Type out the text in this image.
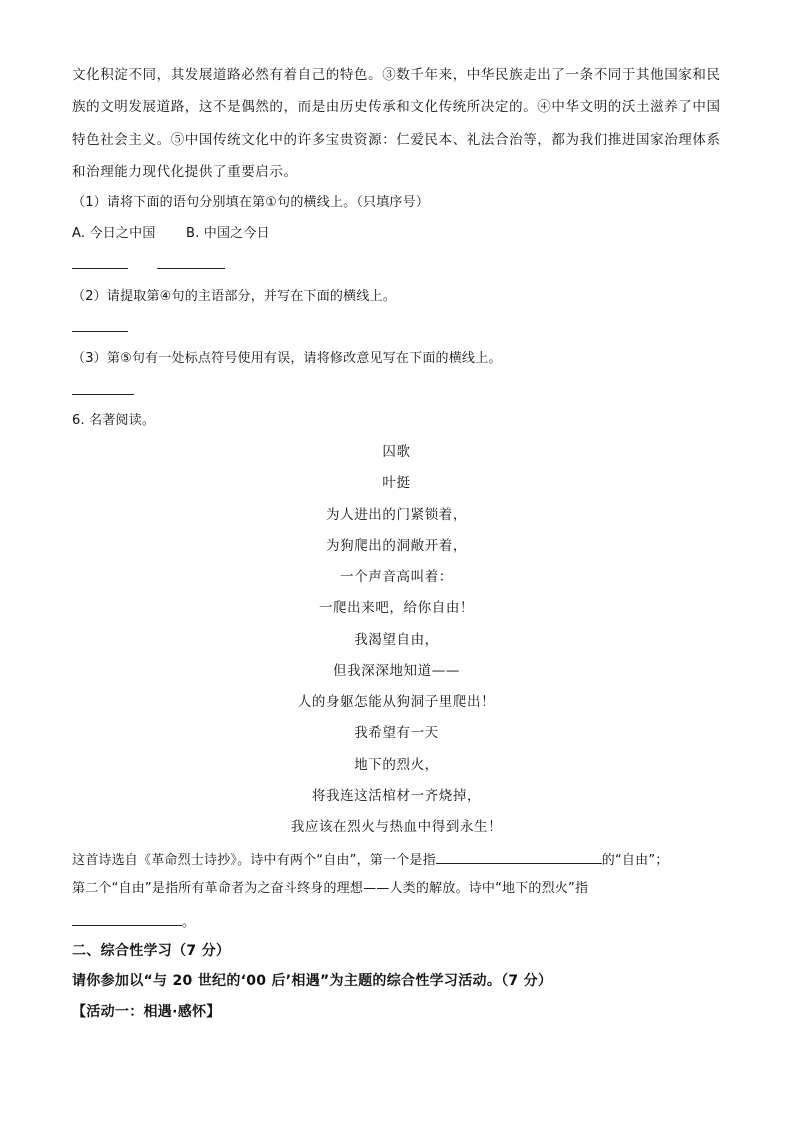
文化积淀不同，其发展道路必然有着自己的特色。③数千年来，中华民族走出了一条不同于其他国家和民
族的文明发展道路，这不是偶然的，而是由历史传承和文化传统所决定的。④中华文明的沃土滋养了中国
特色社会主义。⑤中国传统文化中的许多宝贵资源：仁爱民本、礼法合治等，都为我们推进国家治理体系
和治理能力现代化提供了重要启示。
（1）请将下面的语句分别填在第①句的横线上。（只填序号）
A. 今日之中国 B. 中国之今日
（2）请提取第④句的主语部分，并写在下面的横线上。
（3）第⑤句有一处标点符号使用有误，请将修改意见写在下面的横线上。
6. 名著阅读。
囚歌
叶挺
为人进出的门紧锁着，
为狗爬出的洞敞开着，
一个声音高叫着：
一爬出来吧，给你自由！
我渴望自由，
但我深深地知道——
人的身躯怎能从狗洞子里爬出！
我希望有一天
地下的烈火，
将我连这活棺材一齐烧掉，
我应该在烈火与热血中得到永生！
这首诗选自《革命烈士诗抄》。诗中有两个“自由”，第一个是指	的“自由”；
第二个“自由”是指所有革命者为之奋斗终身的理想——人类的解放。诗中“地下的烈火”指
。
二、综合性学习（7 分）
请你参加以“与 20 世纪的‘00 后’相遇”为主题的综合性学习活动。（7 分）
【活动一：相遇·感怀】
